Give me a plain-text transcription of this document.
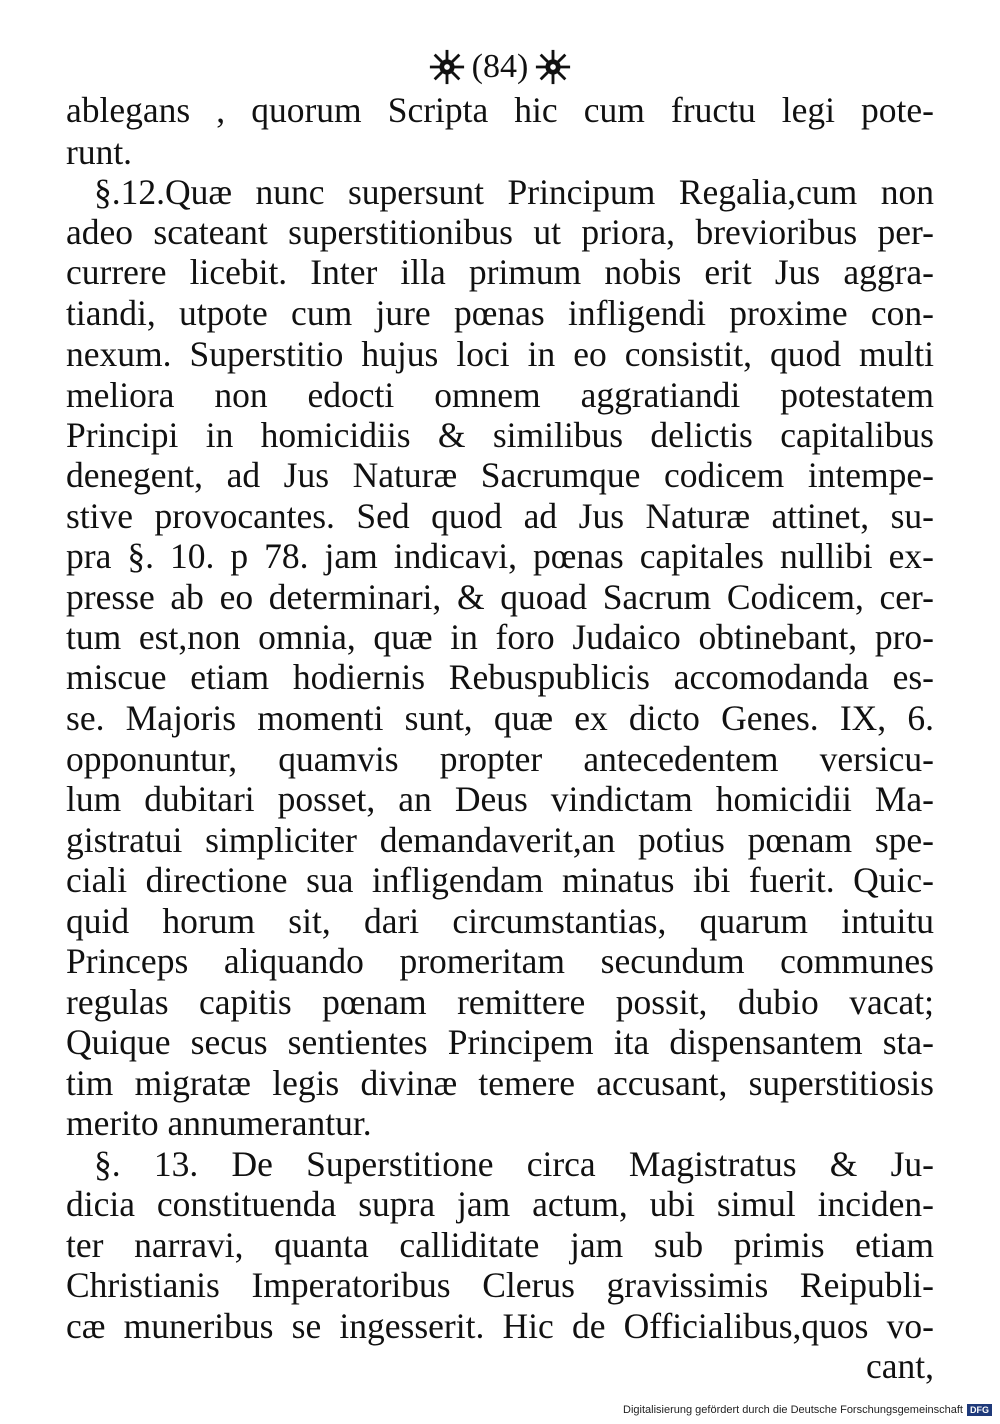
(84)
ablegans , quorum Scripta hic cum fructu legi pote-
runt.
§.12.Quæ nunc supersunt Principum Regalia,cum non
adeo scateant superstitionibus ut priora, brevioribus per-
currere licebit. Inter illa primum nobis erit Jus aggra-
tiandi, utpote cum jure pœnas infligendi proxime con-
nexum. Superstitio hujus loci in eo consistit, quod multi
meliora non edocti omnem aggratiandi potestatem
Principi in homicidiis & similibus delictis capitalibus
denegent, ad Jus Naturæ Sacrumque codicem intempe-
stive provocantes. Sed quod ad Jus Naturæ attinet, su-
pra §. 10. p 78. jam indicavi, pœnas capitales nullibi ex-
presse ab eo determinari, & quoad Sacrum Codicem, cer-
tum est,non omnia, quæ in foro Judaico obtinebant, pro-
miscue etiam hodiernis Rebuspublicis accomodanda es-
se. Majoris momenti sunt, quæ ex dicto Genes. IX, 6.
opponuntur, quamvis propter antecedentem versicu-
lum dubitari posset, an Deus vindictam homicidii Ma-
gistratui simpliciter demandaverit,an potius pœnam spe-
ciali directione sua infligendam minatus ibi fuerit. Quic-
quid horum sit, dari circumstantias, quarum intuitu
Princeps aliquando promeritam secundum communes
regulas capitis pœnam remittere possit, dubio vacat;
Quique secus sentientes Principem ita dispensantem sta-
tim migratæ legis divinæ temere accusant, superstitiosis
merito annumerantur.
§. 13. De Superstitione circa Magistratus & Ju-
dicia constituenda supra jam actum, ubi simul inciden-
ter narravi, quanta calliditate jam sub primis etiam
Christianis Imperatoribus Clerus gravissimis Reipubli-
cæ muneribus se ingesserit. Hic de Officialibus,quos vo-
cant,
Digitalisierung gefördert durch die Deutsche Forschungsgemeinschaft DFG
